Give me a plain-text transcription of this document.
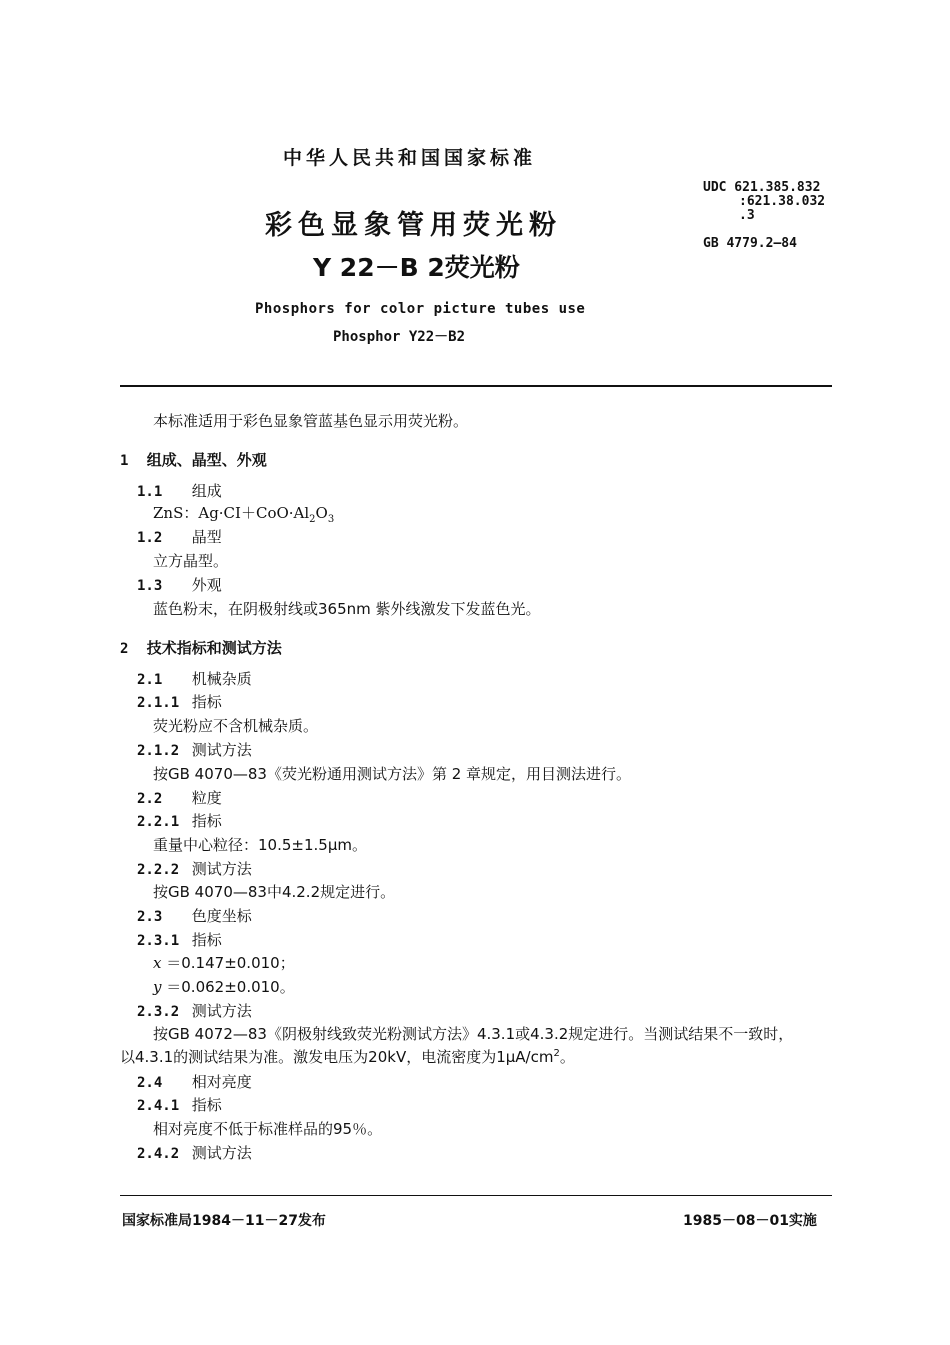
中华人民共和国国家标准
彩色显象管用荧光粉
Y 22－B 2荧光粉
Phosphors for color picture tubes use
Phosphor Y22－B2
UDC 621.385.832
:621.38.032
.3
GB 4779.2—84
本标准适用于彩色显象管蓝基色显示用荧光粉。
1 组成、晶型、外观
1.1 组成
ZnS：$Ag\cdot CI+CoO\cdot Al_2O_3$
1.2 晶型
立方晶型。
1.3 外观
蓝色粉末，在阴极射线或365nm 紫外线激发下发蓝色光。
2 技术指标和测试方法
2.1 机械杂质
2.1.1 指标
荧光粉应不含机械杂质。
2.1.2 测试方法
按GB 4070—83《荧光粉通用测试方法》第 2 章规定，用目测法进行。
2.2 粒度
2.2.1 指标
重量中心粒径：10.5±1.5μm。
2.2.2 测试方法
按GB 4070—83中4.2.2规定进行。
2.3 色度坐标
2.3.1 指标
x ＝0.147±0.010；
y ＝0.062±0.010。
2.3.2 测试方法
按GB 4072—83《阴极射线致荧光粉测试方法》4.3.1或4.3.2规定进行。当测试结果不一致时，
以4.3.1的测试结果为准。激发电压为20kV，电流密度为$1\mu A/cm^2$。
2.4 相对亮度
2.4.1 指标
相对亮度不低于标准样品的95％。
2.4.2 测试方法
国家标准局1984－11－27发布	1985－08－01实施
